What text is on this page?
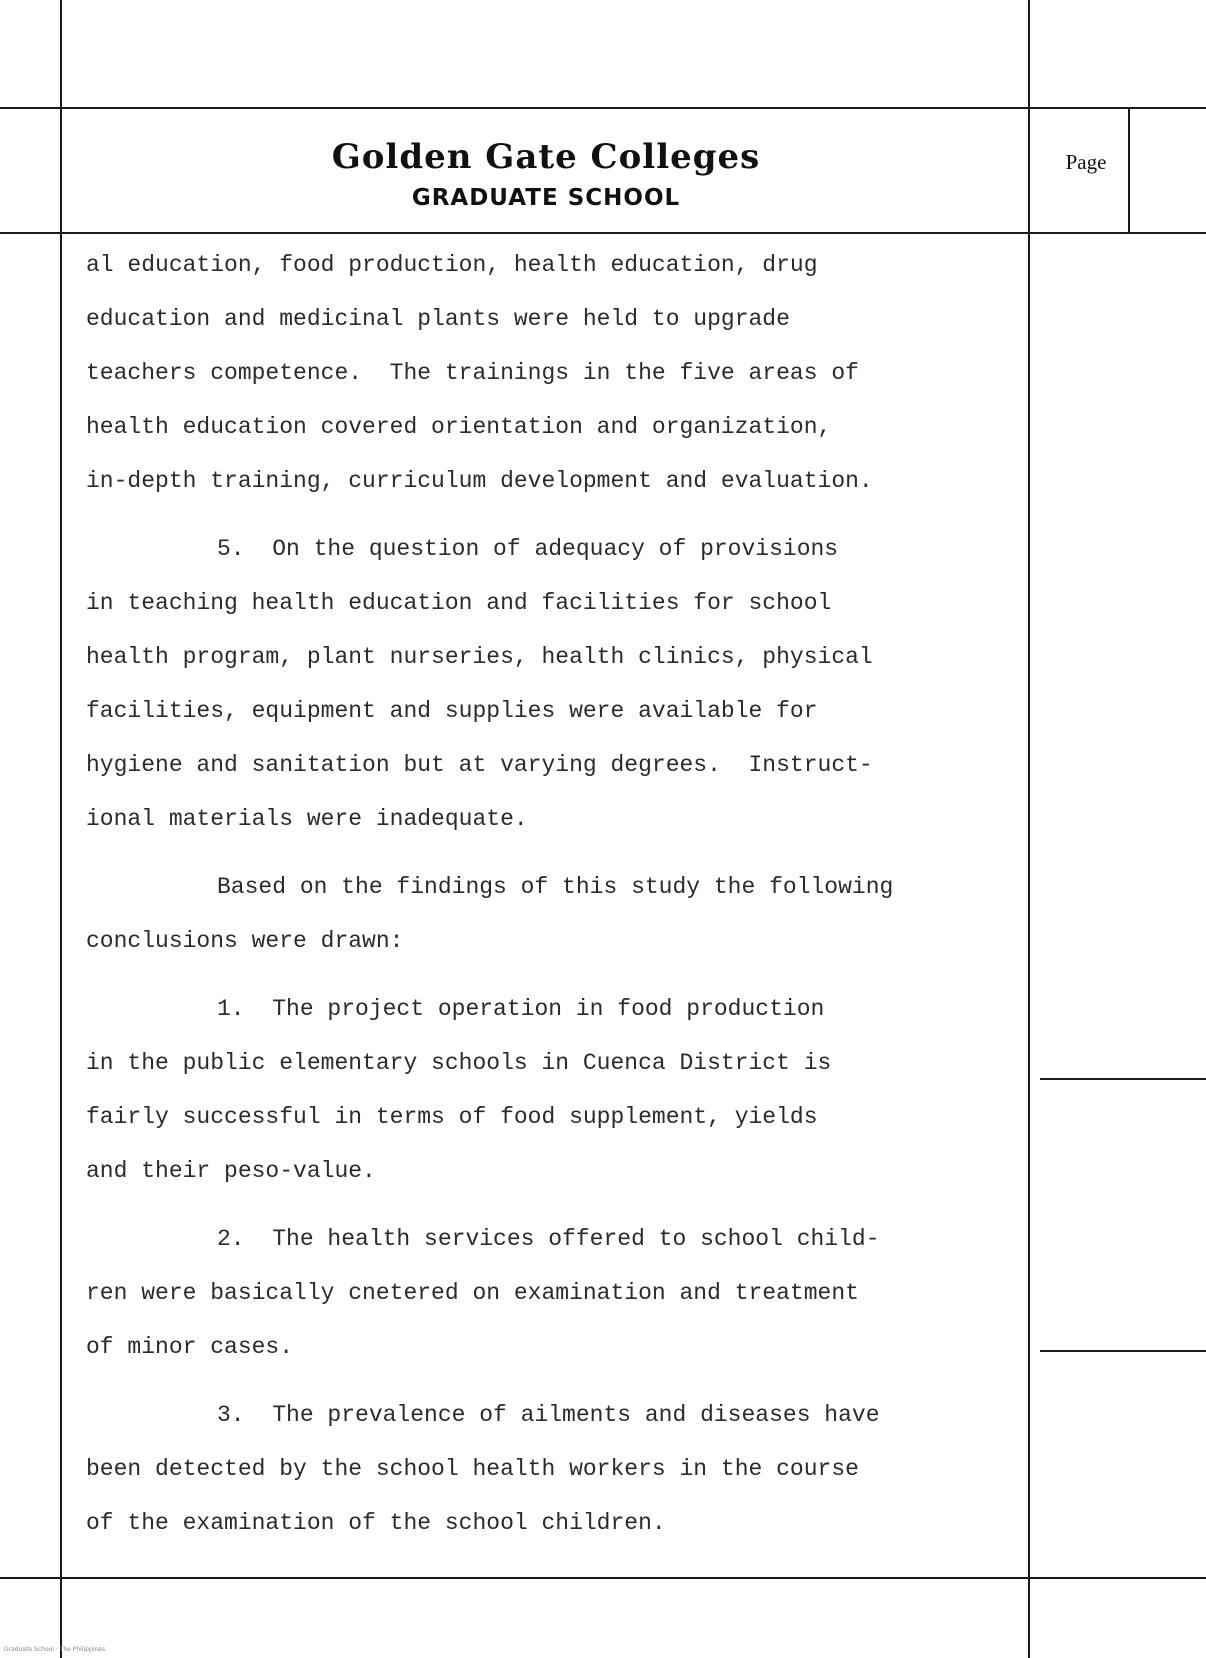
Golden Gate Colleges
GRADUATE SCHOOL
Page
al education, food production, health education, drug
education and medicinal plants were held to upgrade
teachers competence.  The trainings in the five areas of
health education covered orientation and organization,
in-depth training, curriculum development and evaluation.
5.  On the question of adequacy of provisions
in teaching health education and facilities for school
health program, plant nurseries, health clinics, physical
facilities, equipment and supplies were available for
hygiene and sanitation but at varying degrees.  Instruct-
ional materials were inadequate.
Based on the findings of this study the following
conclusions were drawn:
1.  The project operation in food production
in the public elementary schools in Cuenca District is
fairly successful in terms of food supplement, yields
and their peso-value.
2.  The health services offered to school child-
ren were basically cnetered on examination and treatment
of minor cases.
3.  The prevalence of ailments and diseases have
been detected by the school health workers in the course
of the examination of the school children.
Graduate School · The Philippines
